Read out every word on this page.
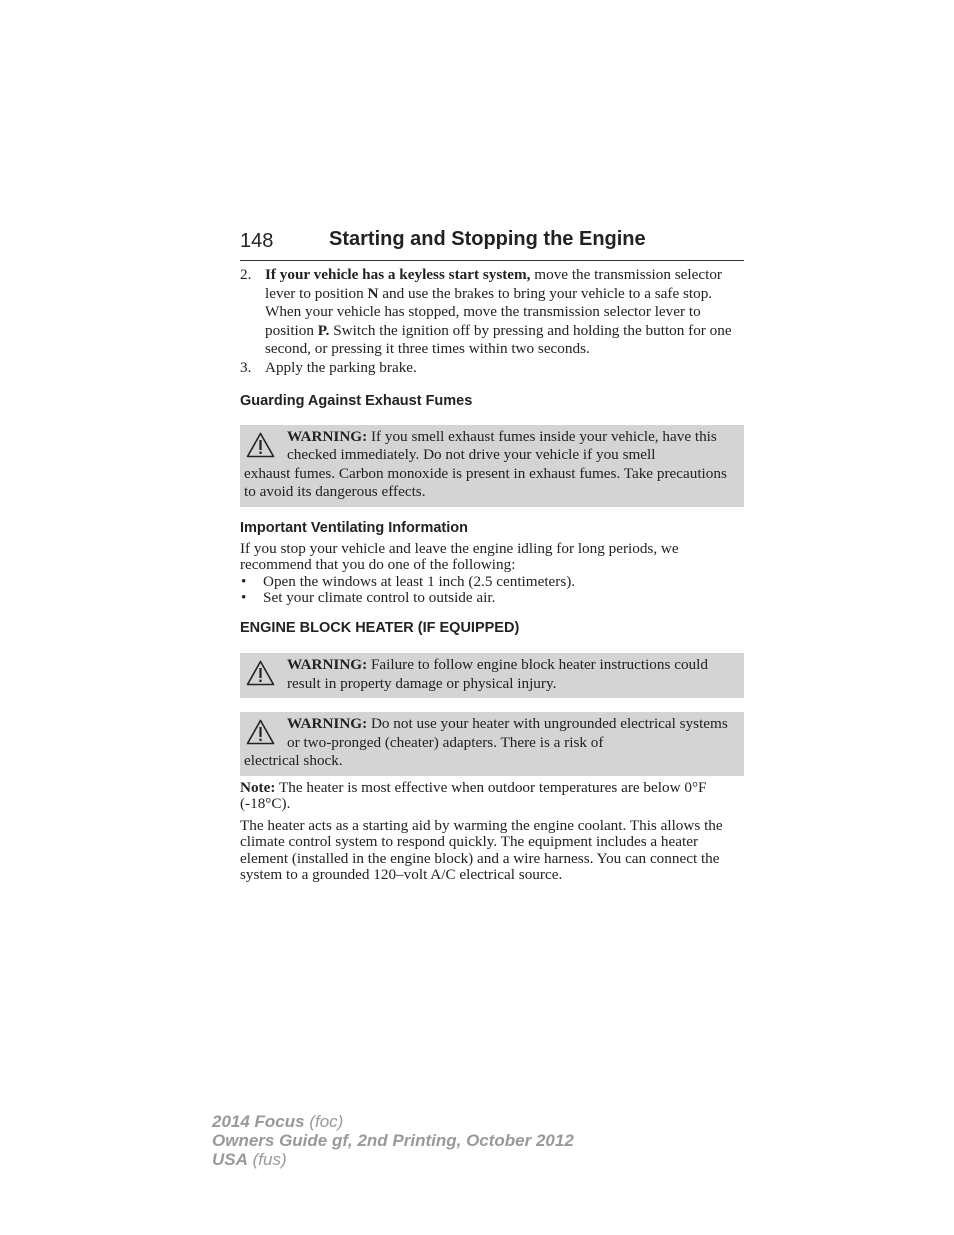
148	Starting and Stopping the Engine
2. If your vehicle has a keyless start system, move the transmission selector lever to position N and use the brakes to bring your vehicle to a safe stop. When your vehicle has stopped, move the transmission selector lever to position P. Switch the ignition off by pressing and holding the button for one second, or pressing it three times within two seconds.
3. Apply the parking brake.
Guarding Against Exhaust Fumes
WARNING: If you smell exhaust fumes inside your vehicle, have this checked immediately. Do not drive your vehicle if you smell
exhaust fumes. Carbon monoxide is present in exhaust fumes. Take precautions to avoid its dangerous effects.
Important Ventilating Information
If you stop your vehicle and leave the engine idling for long periods, we recommend that you do one of the following:
• Open the windows at least 1 inch (2.5 centimeters).
• Set your climate control to outside air.
ENGINE BLOCK HEATER (IF EQUIPPED)
WARNING: Failure to follow engine block heater instructions could result in property damage or physical injury.
WARNING: Do not use your heater with ungrounded electrical systems or two-pronged (cheater) adapters. There is a risk of
electrical shock.
Note: The heater is most effective when outdoor temperatures are below 0°F (-18°C).
The heater acts as a starting aid by warming the engine coolant. This allows the climate control system to respond quickly. The equipment includes a heater element (installed in the engine block) and a wire harness. You can connect the system to a grounded 120–volt A/C electrical source.
2014 Focus (foc)
Owners Guide gf, 2nd Printing, October 2012
USA (fus)
